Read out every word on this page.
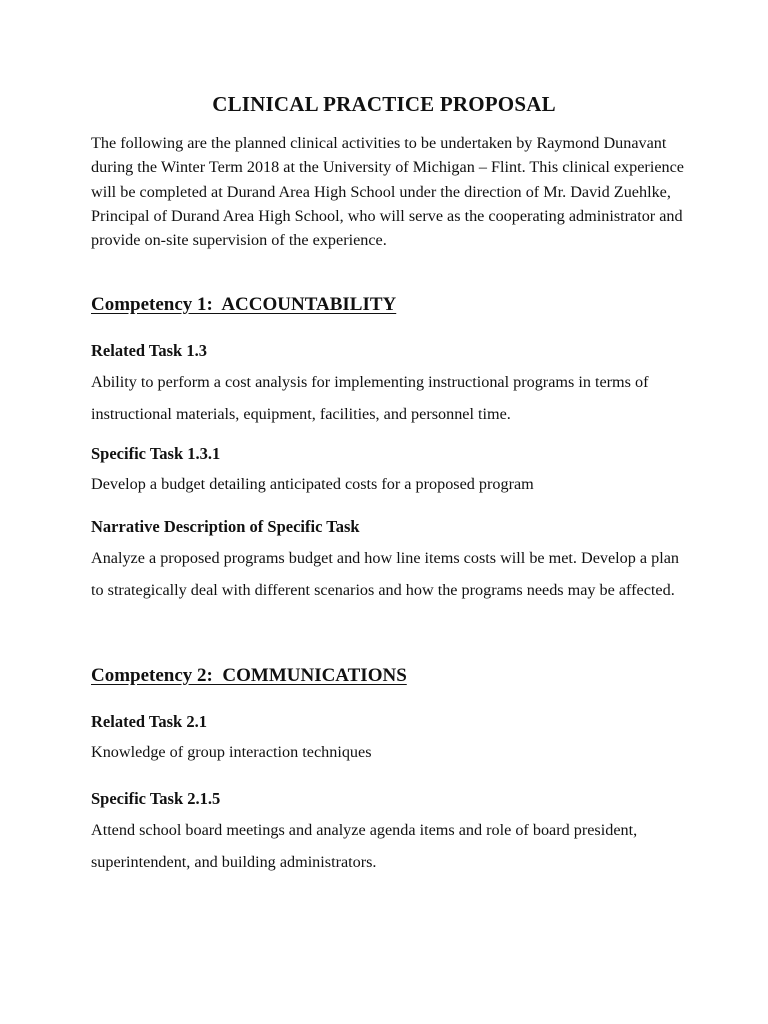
CLINICAL PRACTICE PROPOSAL

The following are the planned clinical activities to be undertaken by Raymond Dunavant during the Winter Term 2018 at the University of Michigan – Flint. This clinical experience will be completed at Durand Area High School under the direction of Mr. David Zuehlke, Principal of Durand Area High School, who will serve as the cooperating administrator and provide on-site supervision of the experience.

Competency 1:  ACCOUNTABILITY
Related Task 1.3

Ability to perform a cost analysis for implementing instructional programs in terms of instructional materials, equipment, facilities, and personnel time.

Specific Task 1.3.1

Develop a budget detailing anticipated costs for a proposed program

Narrative Description of Specific Task

Analyze a proposed programs budget and how line items costs will be met. Develop a plan to strategically deal with different scenarios and how the programs needs may be affected.

Competency 2:  COMMUNICATIONS
Related Task 2.1

Knowledge of group interaction techniques

Specific Task 2.1.5

Attend school board meetings and analyze agenda items and role of board president, superintendent, and building administrators.
